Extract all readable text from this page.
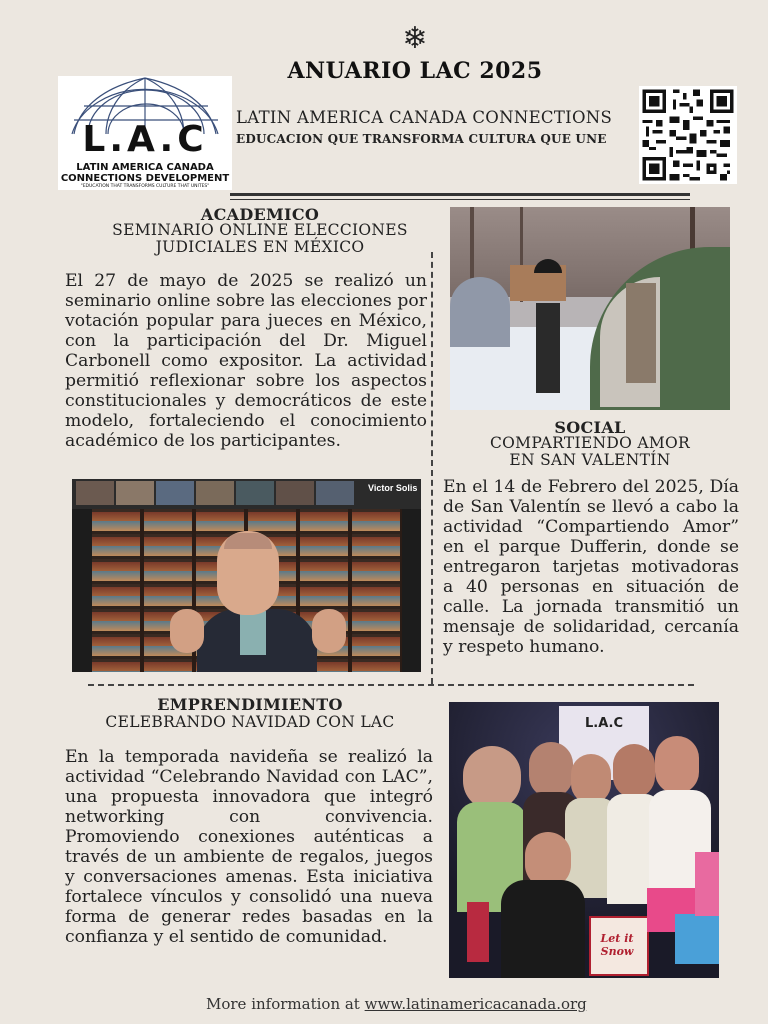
❄
ANUARIO LAC 2025
L.A.C
LATIN AMERICA CANADA
CONNECTIONS DEVELOPMENT
"EDUCATION THAT TRANSFORMS CULTURE THAT UNITES"
LATIN AMERICA CANADA CONNECTIONS
EDUCACION QUE TRANSFORMA CULTURA QUE UNE
ACADEMICO
SEMINARIO ONLINE ELECCIONES
JUDICIALES EN MÉXICO
El 27 de mayo de 2025 se realizó un seminario online sobre las elecciones por votación popular para jueces en México, con la participación del Dr. Miguel Carbonell como expositor. La actividad permitió reflexionar sobre los aspectos constitucionales y democráticos de este modelo, fortaleciendo el conocimiento académico de los participantes.
Victor Solis
SOCIAL
COMPARTIENDO AMOR
EN SAN VALENTÍN
En el 14 de Febrero del 2025, Día de San Valentín se llevó a cabo la actividad “Compartiendo Amor” en el parque Dufferin, donde se entregaron tarjetas motivadoras a 40 personas en situación de calle. La jornada transmitió un mensaje de solidaridad, cercanía y respeto humano.
EMPRENDIMIENTO
CELEBRANDO NAVIDAD CON LAC
En la temporada navideña se realizó la actividad “Celebrando Navidad con LAC”, una propuesta innovadora que integró networking con convivencia. Promoviendo conexiones auténticas a través de un ambiente de regalos, juegos y conversaciones amenas. Esta iniciativa fortalece vínculos y consolidó una nueva forma de generar redes basadas en la confianza y el sentido de comunidad.
L.A.C
Let it Snow
More information at www.latinamericacanada.org
